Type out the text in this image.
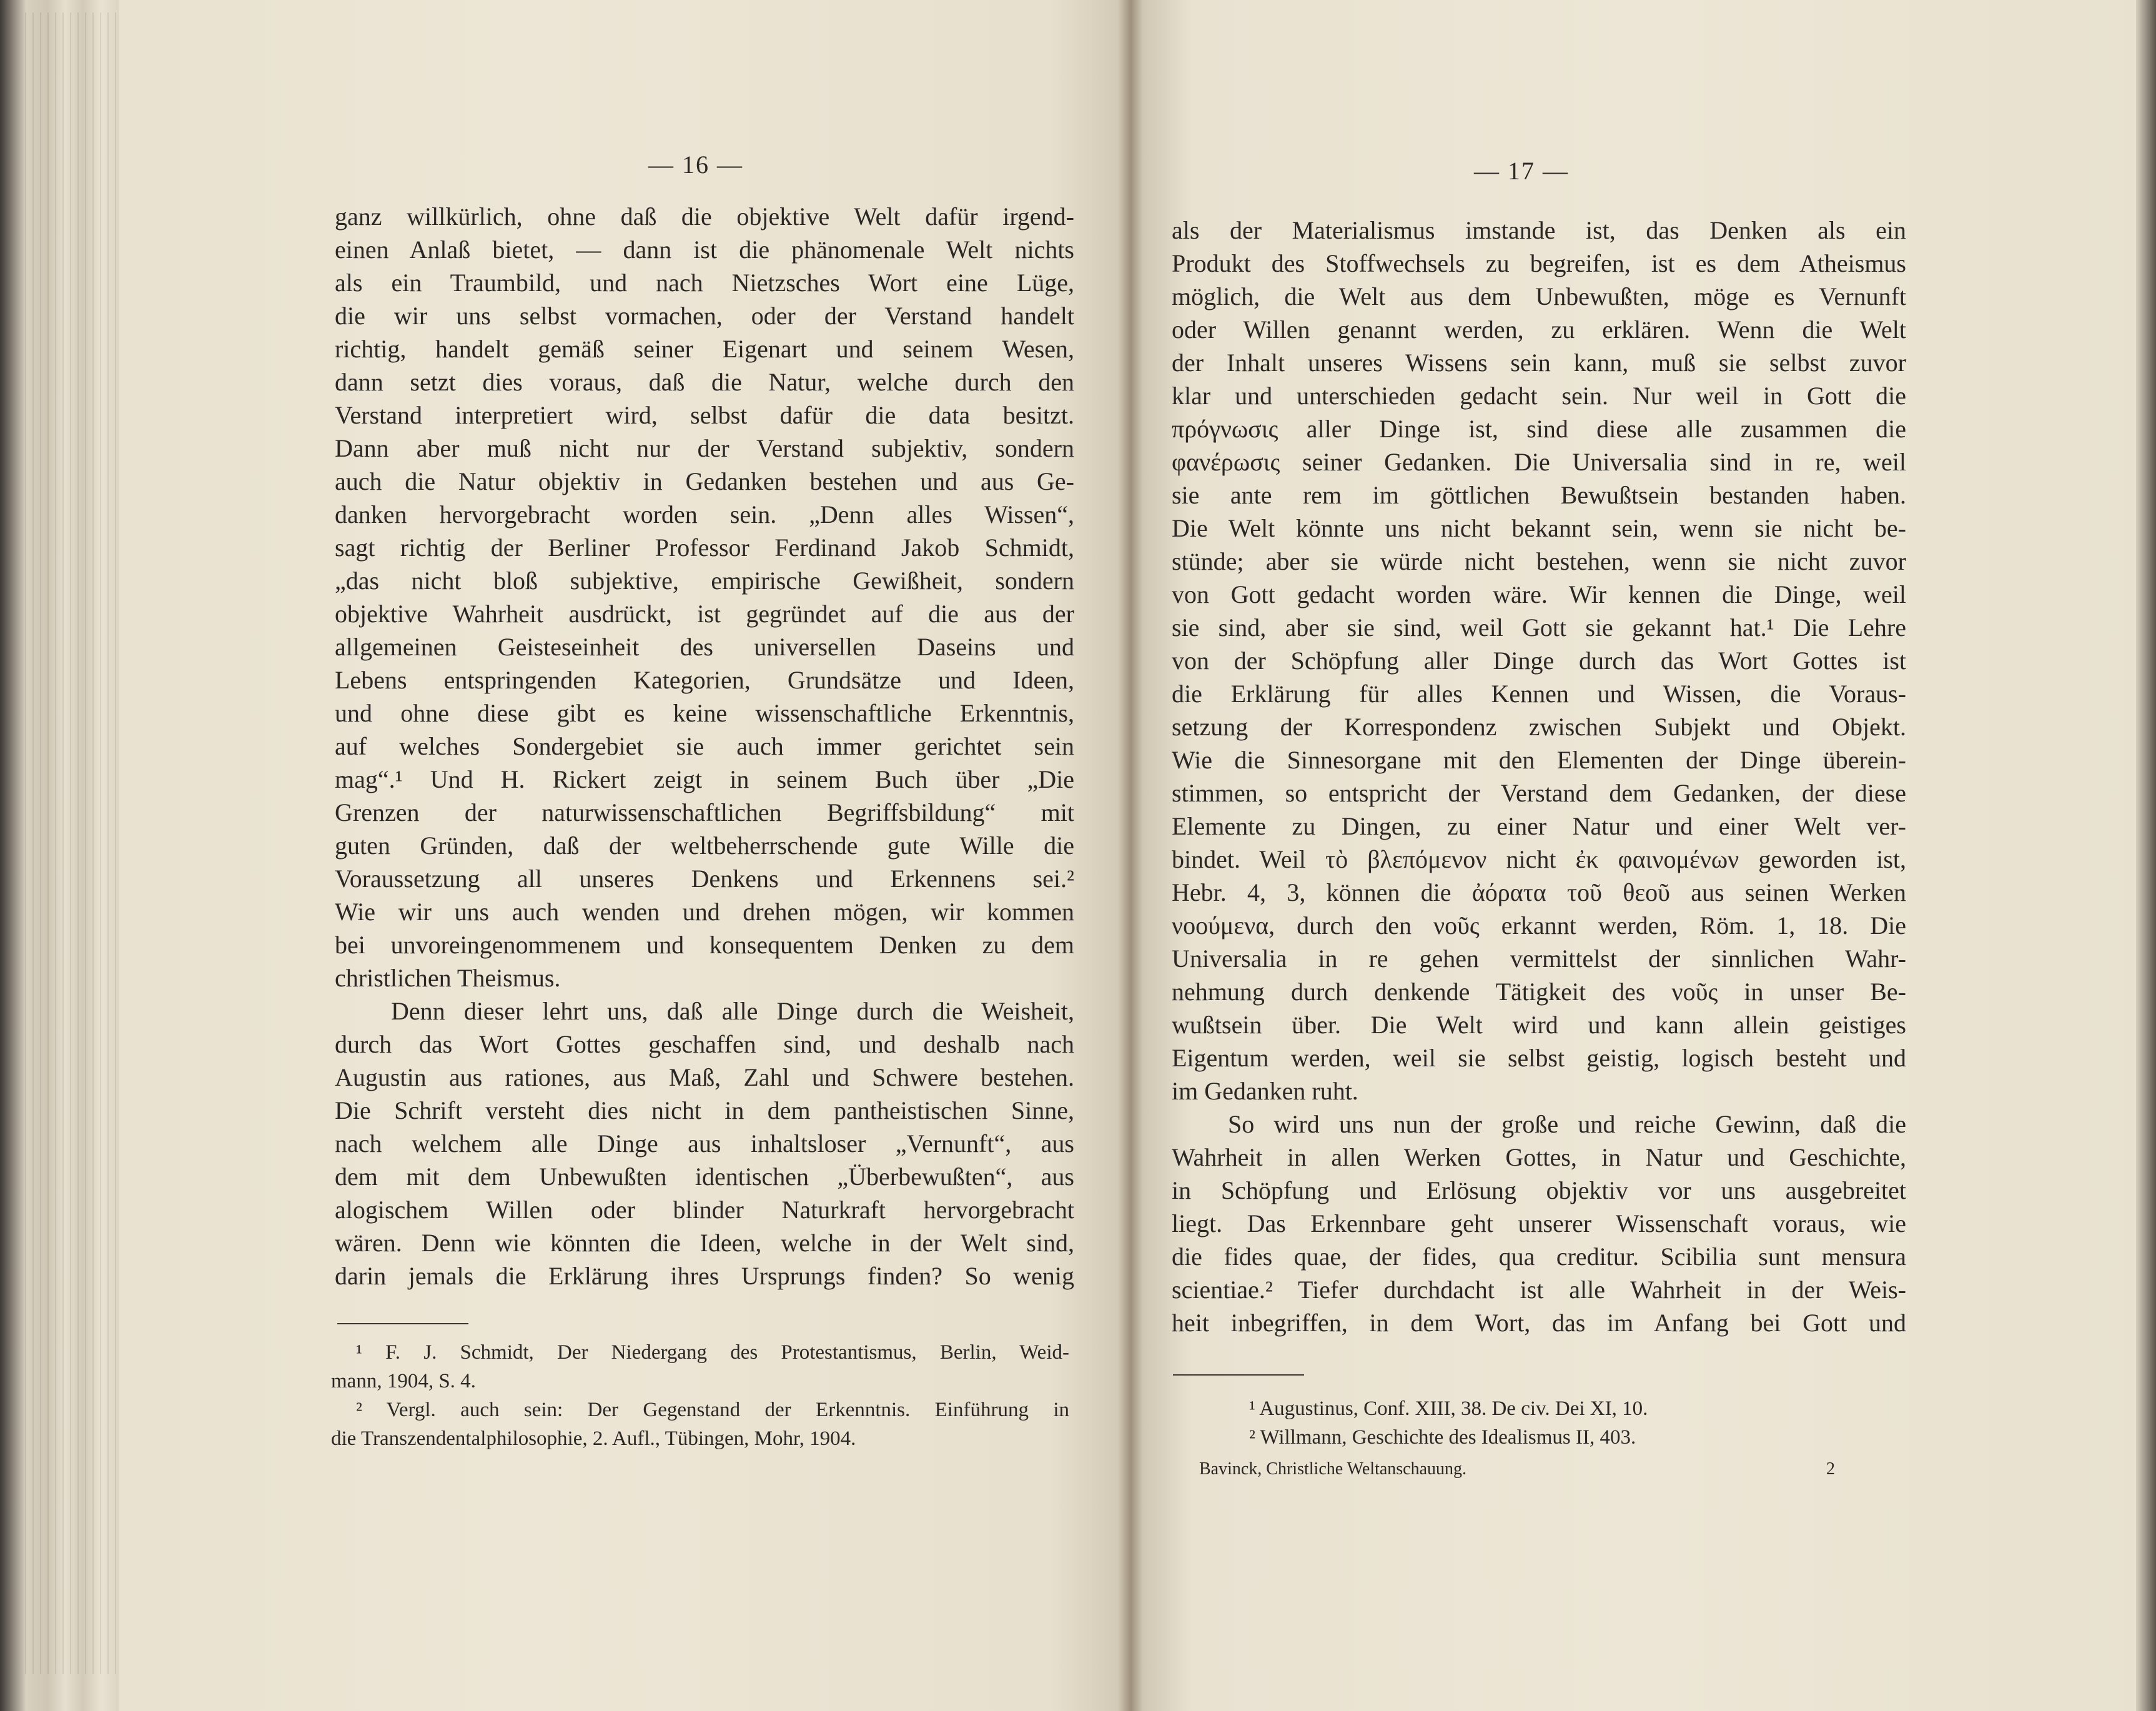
— 16 —	— 17 —
ganz willkürlich, ohne daß die objektive Welt dafür irgend-
einen Anlaß bietet, — dann ist die phänomenale Welt nichts
als ein Traumbild, und nach Nietzsches Wort eine Lüge,
die wir uns selbst vormachen, oder der Verstand handelt
richtig, handelt gemäß seiner Eigenart und seinem Wesen,
dann setzt dies voraus, daß die Natur, welche durch den
Verstand interpretiert wird, selbst dafür die data besitzt.
Dann aber muß nicht nur der Verstand subjektiv, sondern
auch die Natur objektiv in Gedanken bestehen und aus Ge-
danken hervorgebracht worden sein. „Denn alles Wissen“,
sagt richtig der Berliner Professor Ferdinand Jakob Schmidt,
„das nicht bloß subjektive, empirische Gewißheit, sondern
objektive Wahrheit ausdrückt, ist gegründet auf die aus der
allgemeinen Geisteseinheit des universellen Daseins und
Lebens entspringenden Kategorien, Grundsätze und Ideen,
und ohne diese gibt es keine wissenschaftliche Erkenntnis,
auf welches Sondergebiet sie auch immer gerichtet sein
mag“.¹ Und H. Rickert zeigt in seinem Buch über „Die
Grenzen der naturwissenschaftlichen Begriffsbildung“ mit
guten Gründen, daß der weltbeherrschende gute Wille die
Voraussetzung all unseres Denkens und Erkennens sei.²
Wie wir uns auch wenden und drehen mögen, wir kommen
bei unvoreingenommenem und konsequentem Denken zu dem
christlichen Theismus.
Denn dieser lehrt uns, daß alle Dinge durch die Weisheit,
durch das Wort Gottes geschaffen sind, und deshalb nach
Augustin aus rationes, aus Maß, Zahl und Schwere bestehen.
Die Schrift versteht dies nicht in dem pantheistischen Sinne,
nach welchem alle Dinge aus inhaltsloser „Vernunft“, aus
dem mit dem Unbewußten identischen „Überbewußten“, aus
alogischem Willen oder blinder Naturkraft hervorgebracht
wären. Denn wie könnten die Ideen, welche in der Welt sind,
darin jemals die Erklärung ihres Ursprungs finden? So wenig
¹ F. J. Schmidt, Der Niedergang des Protestantismus, Berlin, Weid-
mann, 1904, S. 4.
² Vergl. auch sein: Der Gegenstand der Erkenntnis. Einführung in
die Transzendentalphilosophie, 2. Aufl., Tübingen, Mohr, 1904.
als der Materialismus imstande ist, das Denken als ein
Produkt des Stoffwechsels zu begreifen, ist es dem Atheismus
möglich, die Welt aus dem Unbewußten, möge es Vernunft
oder Willen genannt werden, zu erklären. Wenn die Welt
der Inhalt unseres Wissens sein kann, muß sie selbst zuvor
klar und unterschieden gedacht sein. Nur weil in Gott die
πρόγνωσις aller Dinge ist, sind diese alle zusammen die
φανέρωσις seiner Gedanken. Die Universalia sind in re, weil
sie ante rem im göttlichen Bewußtsein bestanden haben.
Die Welt könnte uns nicht bekannt sein, wenn sie nicht be-
stünde; aber sie würde nicht bestehen, wenn sie nicht zuvor
von Gott gedacht worden wäre. Wir kennen die Dinge, weil
sie sind, aber sie sind, weil Gott sie gekannt hat.¹ Die Lehre
von der Schöpfung aller Dinge durch das Wort Gottes ist
die Erklärung für alles Kennen und Wissen, die Voraus-
setzung der Korrespondenz zwischen Subjekt und Objekt.
Wie die Sinnesorgane mit den Elementen der Dinge überein-
stimmen, so entspricht der Verstand dem Gedanken, der diese
Elemente zu Dingen, zu einer Natur und einer Welt ver-
bindet. Weil τὸ βλεπόμενον nicht ἐκ φαινομένων geworden ist,
Hebr. 4, 3, können die ἀόρατα τοῦ θεοῦ aus seinen Werken
νοούμενα, durch den νοῦς erkannt werden, Röm. 1, 18. Die
Universalia in re gehen vermittelst der sinnlichen Wahr-
nehmung durch denkende Tätigkeit des νοῦς in unser Be-
wußtsein über. Die Welt wird und kann allein geistiges
Eigentum werden, weil sie selbst geistig, logisch besteht und
im Gedanken ruht.
So wird uns nun der große und reiche Gewinn, daß die
Wahrheit in allen Werken Gottes, in Natur und Geschichte,
in Schöpfung und Erlösung objektiv vor uns ausgebreitet
liegt. Das Erkennbare geht unserer Wissenschaft voraus, wie
die fides quae, der fides, qua creditur. Scibilia sunt mensura
scientiae.² Tiefer durchdacht ist alle Wahrheit in der Weis-
heit inbegriffen, in dem Wort, das im Anfang bei Gott und
¹ Augustinus, Conf. XIII, 38. De civ. Dei XI, 10.
² Willmann, Geschichte des Idealismus II, 403.
Bavinck, Christliche Weltanschauung.	2
